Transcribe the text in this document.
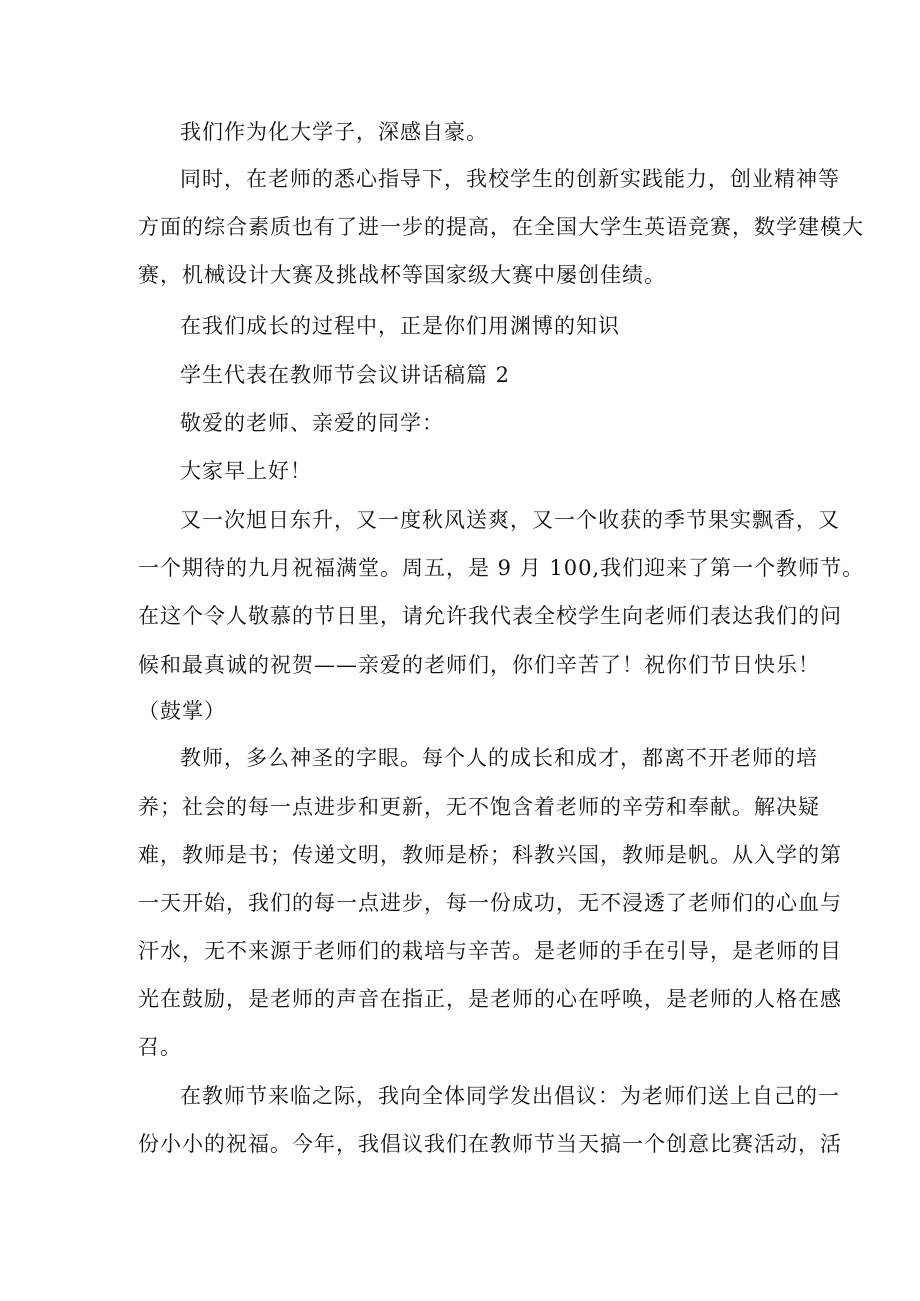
我们作为化大学子，深感自豪。
同时，在老师的悉心指导下，我校学生的创新实践能力，创业精神等
方面的综合素质也有了进一步的提高，在全国大学生英语竞赛，数学建模大
赛，机械设计大赛及挑战杯等国家级大赛中屡创佳绩。
在我们成长的过程中，正是你们用渊博的知识
学生代表在教师节会议讲话稿篇 2
敬爱的老师、亲爱的同学：
大家早上好！
又一次旭日东升，又一度秋风送爽，又一个收获的季节果实飘香，又
一个期待的九月祝福满堂。周五，是 9 月 100,我们迎来了第一个教师节。
在这个令人敬慕的节日里，请允许我代表全校学生向老师们表达我们的问
候和最真诚的祝贺——亲爱的老师们，你们辛苦了！祝你们节日快乐！
（鼓掌）
教师，多么神圣的字眼。每个人的成长和成才，都离不开老师的培
养；社会的每一点进步和更新，无不饱含着老师的辛劳和奉献。解决疑
难，教师是书；传递文明，教师是桥；科教兴国，教师是帆。从入学的第
一天开始，我们的每一点进步，每一份成功，无不浸透了老师们的心血与
汗水，无不来源于老师们的栽培与辛苦。是老师的手在引导，是老师的目
光在鼓励，是老师的声音在指正，是老师的心在呼唤，是老师的人格在感
召。
在教师节来临之际，我向全体同学发出倡议：为老师们送上自己的一
份小小的祝福。今年，我倡议我们在教师节当天搞一个创意比赛活动，活
